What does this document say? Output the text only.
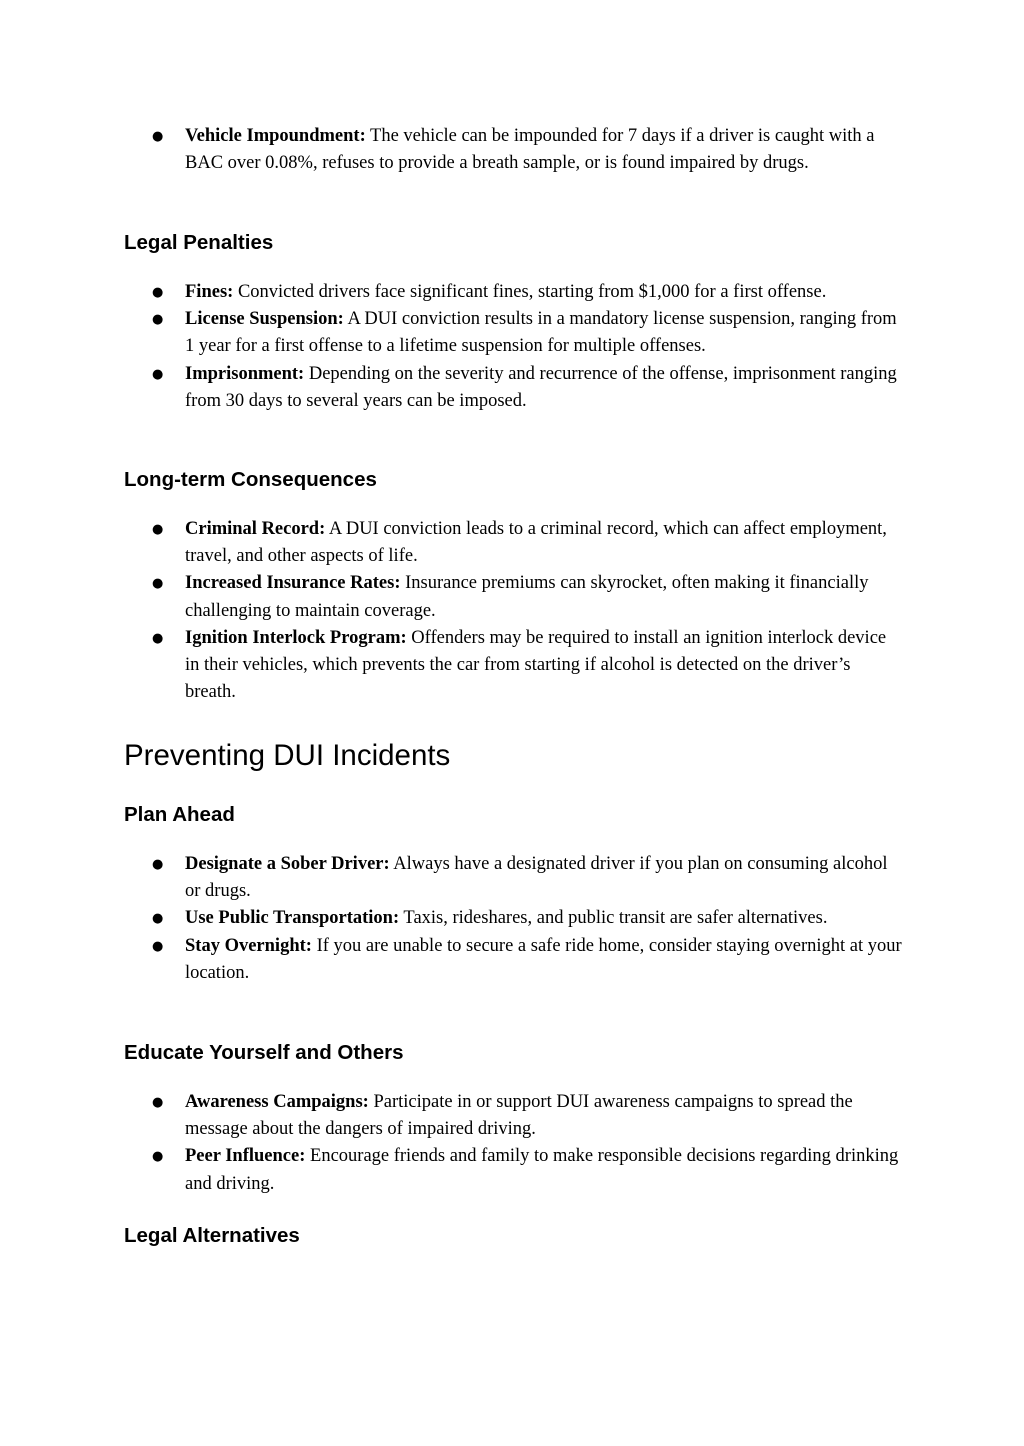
● Vehicle Impoundment: The vehicle can be impounded for 7 days if a driver is caught with a BAC over 0.08%, refuses to provide a breath sample, or is found impaired by drugs.
Legal Penalties
● Fines: Convicted drivers face significant fines, starting from $1,000 for a first offense.
● License Suspension: A DUI conviction results in a mandatory license suspension, ranging from 1 year for a first offense to a lifetime suspension for multiple offenses.
● Imprisonment: Depending on the severity and recurrence of the offense, imprisonment ranging from 30 days to several years can be imposed.
Long-term Consequences
● Criminal Record: A DUI conviction leads to a criminal record, which can affect employment, travel, and other aspects of life.
● Increased Insurance Rates: Insurance premiums can skyrocket, often making it financially challenging to maintain coverage.
● Ignition Interlock Program: Offenders may be required to install an ignition interlock device in their vehicles, which prevents the car from starting if alcohol is detected on the driver’s breath.
Preventing DUI Incidents
Plan Ahead
● Designate a Sober Driver: Always have a designated driver if you plan on consuming alcohol or drugs.
● Use Public Transportation: Taxis, rideshares, and public transit are safer alternatives.
● Stay Overnight: If you are unable to secure a safe ride home, consider staying overnight at your location.
Educate Yourself and Others
● Awareness Campaigns: Participate in or support DUI awareness campaigns to spread the message about the dangers of impaired driving.
● Peer Influence: Encourage friends and family to make responsible decisions regarding drinking and driving.
Legal Alternatives
